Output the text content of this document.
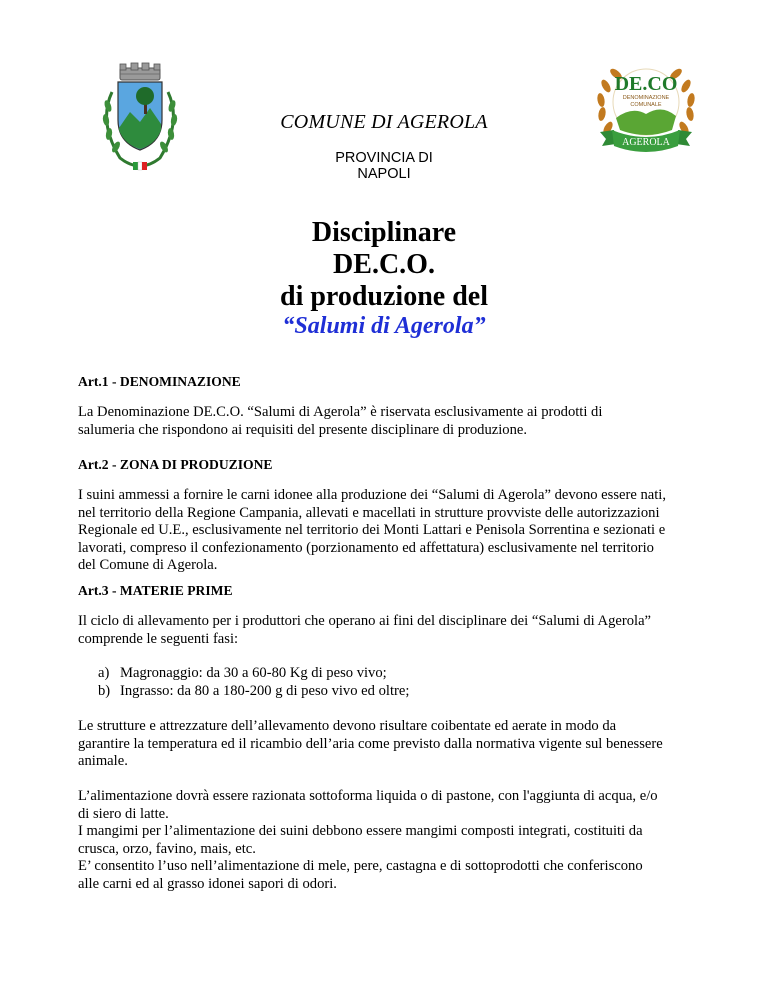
DE.CO
DENOMINAZIONE
COMUNALE
AGEROLA
COMUNE DI AGEROLA
PROVINCIA DI
NAPOLI
Disciplinare
DE.C.O.
di produzione del
“Salumi di Agerola”
Art.1 - DENOMINAZIONE
La Denominazione DE.C.O. “Salumi di Agerola” è riservata esclusivamente ai prodotti di
salumeria che rispondono ai requisiti del presente disciplinare di produzione.
Art.2 - ZONA DI PRODUZIONE
I suini ammessi a fornire le carni idonee alla produzione dei “Salumi di Agerola” devono essere nati,
nel territorio della Regione Campania, allevati e macellati in strutture provviste delle autorizzazioni
Regionale ed U.E., esclusivamente nel territorio dei Monti Lattari e Penisola Sorrentina e sezionati e
lavorati, compreso il confezionamento (porzionamento ed affettatura) esclusivamente nel territorio
del Comune di Agerola.
Art.3 - MATERIE PRIME
Il ciclo di allevamento per i produttori che operano ai fini del disciplinare dei “Salumi di Agerola”
comprende le seguenti fasi:
a) Magronaggio: da 30 a 60-80 Kg di peso vivo;
b) Ingrasso: da 80 a 180-200 g di peso vivo ed oltre;
Le strutture e attrezzature dell’allevamento devono risultare coibentate ed aerate in modo da
garantire la temperatura ed il ricambio dell’aria come previsto dalla normativa vigente sul benessere
animale.
L’alimentazione dovrà essere razionata sottoforma liquida o di pastone, con l'aggiunta di acqua, e/o
di siero di latte.
I mangimi per l’alimentazione dei suini debbono essere mangimi composti integrati, costituiti da
crusca, orzo, favino, mais, etc.
E’ consentito l’uso nell’alimentazione di mele, pere, castagna e di sottoprodotti che conferiscono
alle carni ed al grasso idonei sapori di odori.
